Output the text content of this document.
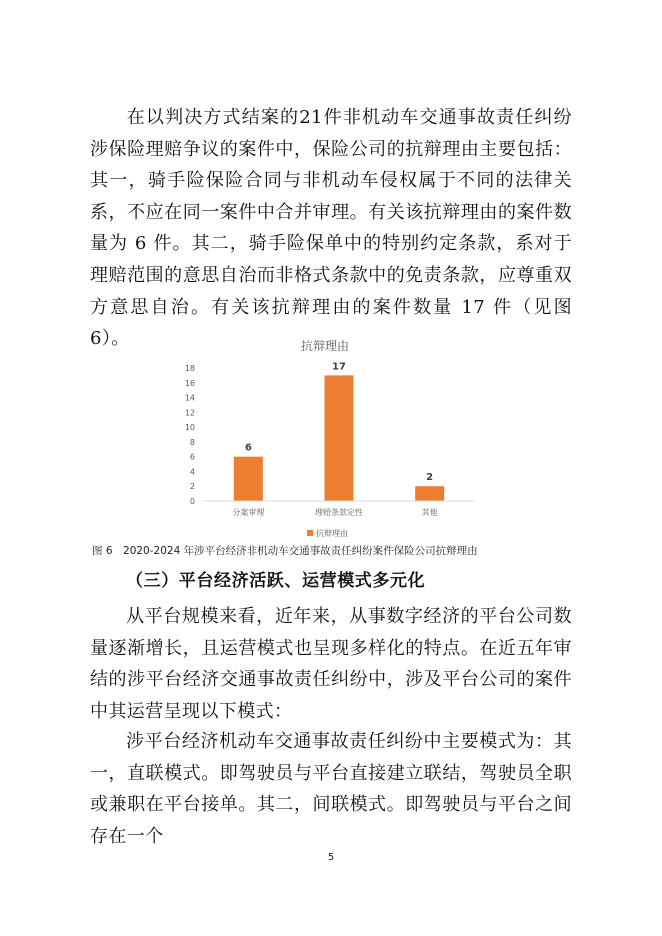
在以判决方式结案的21件非机动车交通事故责任纠纷涉保险理赔争议的案件中，保险公司的抗辩理由主要包括：其一，骑手险保险合同与非机动车侵权属于不同的法律关系，不应在同一案件中合并审理。有关该抗辩理由的案件数量为 6 件。其二，骑手险保单中的特别约定条款，系对于理赔范围的意思自治而非格式条款中的免责条款，应尊重双方意思自治。有关该抗辩理由的案件数量 17 件（见图 6）。	抗辩理由
0
2
4
6
8
10
12
14
16
18
6
17
2
分案审理	理赔条款定性	其他
抗辩理由

图 6　2020-2024 年涉平台经济非机动车交通事故责任纠纷案件保险公司抗辩理由

（三）平台经济活跃、运营模式多元化

从平台规模来看，近年来，从事数字经济的平台公司数量逐渐增长，且运营模式也呈现多样化的特点。在近五年审结的涉平台经济交通事故责任纠纷中，涉及平台公司的案件中其运营呈现以下模式：

涉平台经济机动车交通事故责任纠纷中主要模式为：其一，直联模式。即驾驶员与平台直接建立联结，驾驶员全职或兼职在平台接单。其二，间联模式。即驾驶员与平台之间存在一个

5
